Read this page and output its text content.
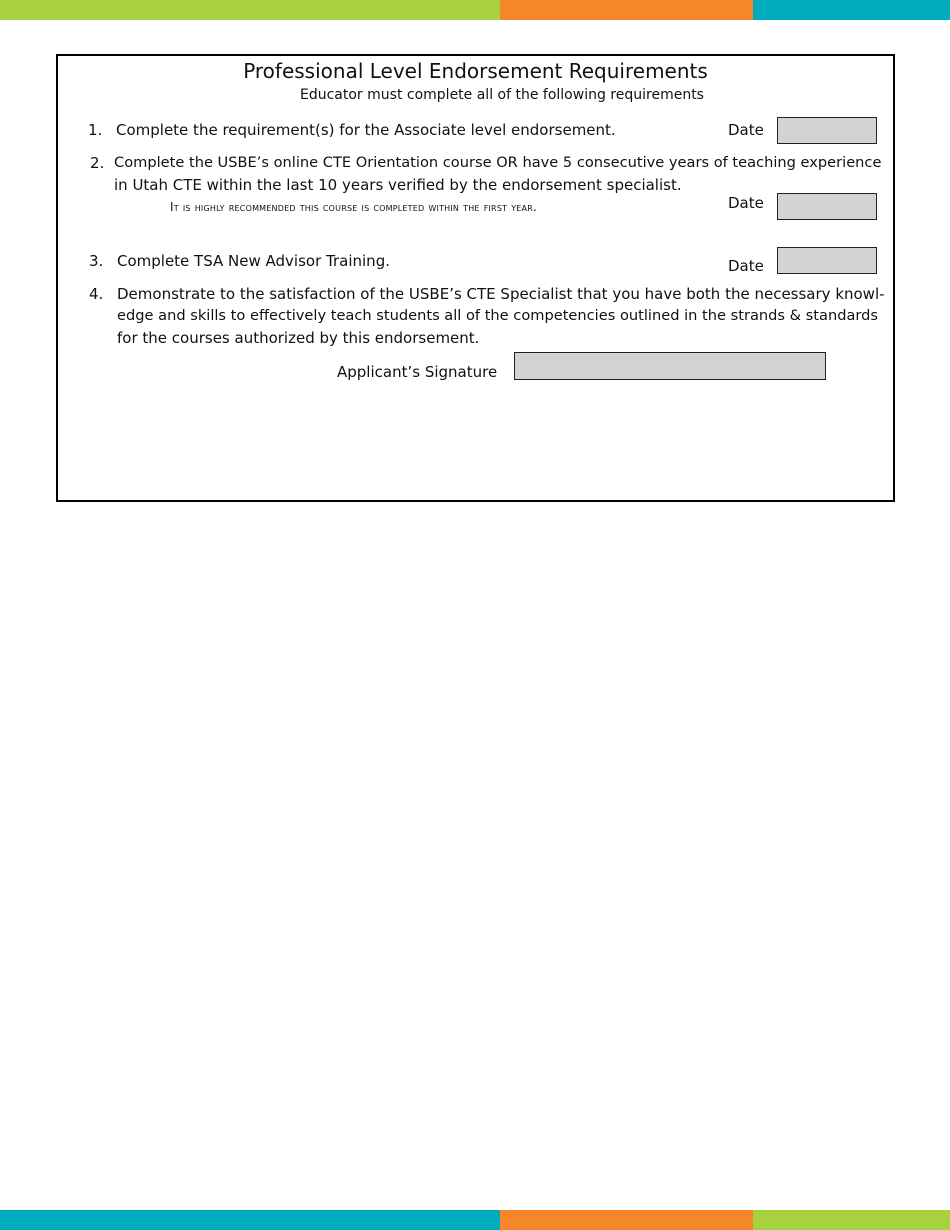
Professional Level Endorsement Requirements
Educator must complete all of the following requirements
1. Complete the requirement(s) for the Associate level endorsement.	Date
2. Complete the USBE’s online CTE Orientation course OR have 5 consecutive years of teaching experience
in Utah CTE within the last 10 years verified by the endorsement specialist.
It is highly recommended this course is completed within the first year.	Date
3. Complete TSA New Advisor Training.	Date
4. Demonstrate to the satisfaction of the USBE’s CTE Specialist that you have both the necessary knowl-
edge and skills to effectively teach students all of the competencies outlined in the strands & standards
for the courses authorized by this endorsement.
Applicant’s Signature
